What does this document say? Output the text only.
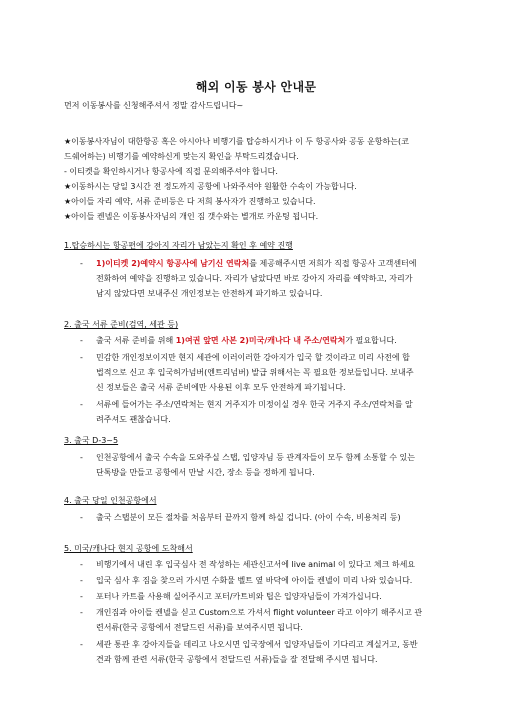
해외 이동 봉사 안내문
먼저 이동봉사를 신청해주셔서 정말 감사드립니다~
★이동봉사자님이 대한항공 혹은 아시아나 비행기를 탑승하시거나 이 두 항공사와 공동 운항하는(코
드쉐어하는) 비행기를 예약하신게 맞는지 확인을 부탁드리겠습니다.
- 이티켓을 확인하시거나 항공사에 직접 문의해주셔야 합니다.
★이동하시는 당일 3시간 전 정도까지 공항에 나와주셔야 원활한 수속이 가능합니다.
★아이들 자리 예약, 서류 준비등은 다 저희 봉사자가 진행하고 있습니다.
★아이들 켄넬은 이동봉사자님의 개인 짐 갯수와는 별개로 카운팅 됩니다.
1.탑승하시는 항공편에 강아지 자리가 남았는지 확인 후 예약 진행
-	1)이티켓 2)예약시 항공사에 남기신 연락처를 제공해주시면 저희가 직접 항공사 고객센터에
전화하여 예약을 진행하고 있습니다. 자리가 남았다면 바로 강아지 자리를 예약하고, 자리가
남지 않았다면 보내주신 개인정보는 안전하게 파기하고 있습니다.
2. 출국 서류 준비(검역, 세관 등)
-	출국 서류 준비를 위해 1)여권 앞면 사본 2)미국/캐나다 내 주소/연락처가 필요합니다.
-	민감한 개인정보이지만 현지 세관에 이러이러한 강아지가 입국 할 것이라고 미리 사전에 합
법적으로 신고 후 입국허가넘버(엔트리넘버) 발급 위해서는 꼭 필요한 정보들입니다. 보내주
신 정보들은 출국 서류 준비에만 사용된 이후 모두 안전하게 파기됩니다.
-	서류에 들어가는 주소/연락처는 현지 거주지가 미정이실 경우 한국 거주지 주소/연락처를 알
려주셔도 괜찮습니다.
3. 출국 D-3~5
-	인천공항에서 출국 수속을 도와주실 스탭, 입양자님 등 관계자들이 모두 함께 소통할 수 있는
단톡방을 만들고 공항에서 만날 시간, 장소 등을 정하게 됩니다.
4. 출국 당일 인천공항에서
-	출국 스탭분이 모든 절차를 처음부터 끝까지 함께 하실 겁니다. (아이 수속, 비용처리 등)
5. 미국/캐나다 현지 공항에 도착해서
-	비행기에서 내린 후 입국심사 전 작성하는 세관신고서에 live animal 이 있다고 체크 하세요
-	입국 심사 후 짐을 찾으러 가시면 수화물 벨트 옆 바닥에 아이들 켄넬이 미리 나와 있습니다.
-	포터나 카트를 사용해 실어주시고 포터/카트비와 팁은 입양자님들이 가져가십니다.
-	개인짐과 아이들 켄넬을 싣고 Custom으로 가셔서 flight volunteer 라고 이야기 해주시고 관
련서류(한국 공항에서 전달드린 서류)를 보여주시면 됩니다.
-	세관 통관 후 강아지들을 데리고 나오시면 입국장에서 입양자님들이 기다리고 계실거고, 동반
견과 함께 관련 서류(한국 공항에서 전달드린 서류)들을 잘 전달해 주시면 됩니다.
